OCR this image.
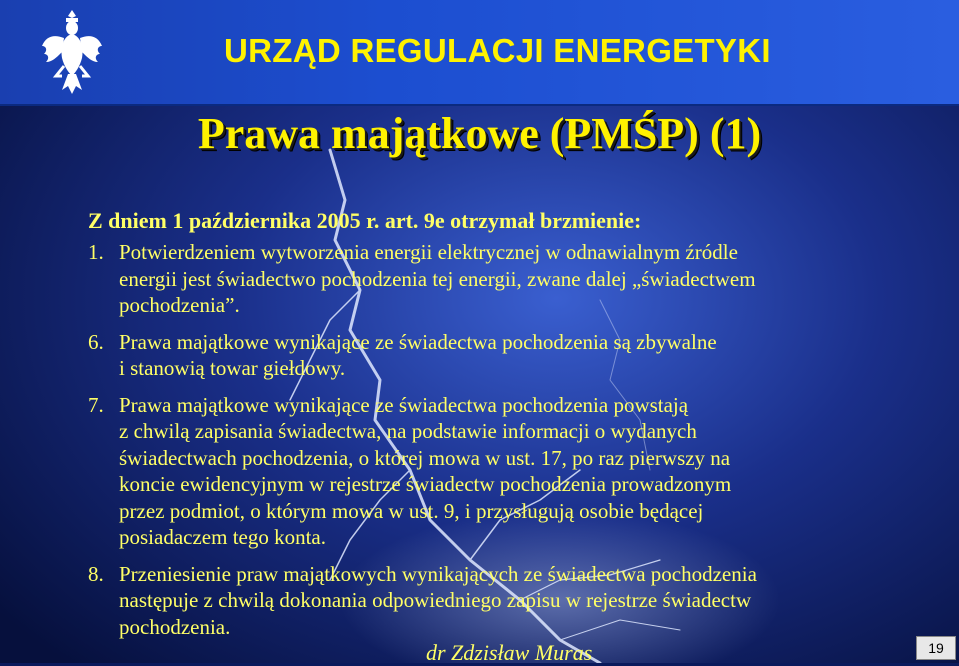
URZĄD REGULACJI ENERGETYKI
Prawa majątkowe (PMŚP) (1)
Z dniem 1 października 2005 r. art. 9e otrzymał brzmienie:
1. Potwierdzeniem wytworzenia energii elektrycznej w odnawialnym źródle
energii jest świadectwo pochodzenia tej energii, zwane dalej „świadectwem
pochodzenia”.
6. Prawa majątkowe wynikające ze świadectwa pochodzenia są zbywalne
i stanowią towar giełdowy.
7. Prawa majątkowe wynikające ze świadectwa pochodzenia powstają
z chwilą zapisania świadectwa, na podstawie informacji o wydanych
świadectwach pochodzenia, o której mowa w ust. 17, po raz pierwszy na
koncie ewidencyjnym w rejestrze świadectw pochodzenia prowadzonym
przez podmiot, o którym mowa w ust. 9, i przysługują osobie będącej
posiadaczem tego konta.
8. Przeniesienie praw majątkowych wynikających ze świadectwa pochodzenia
następuje z chwilą dokonania odpowiedniego zapisu w rejestrze świadectw
pochodzenia.
dr Zdzisław Muras	19
